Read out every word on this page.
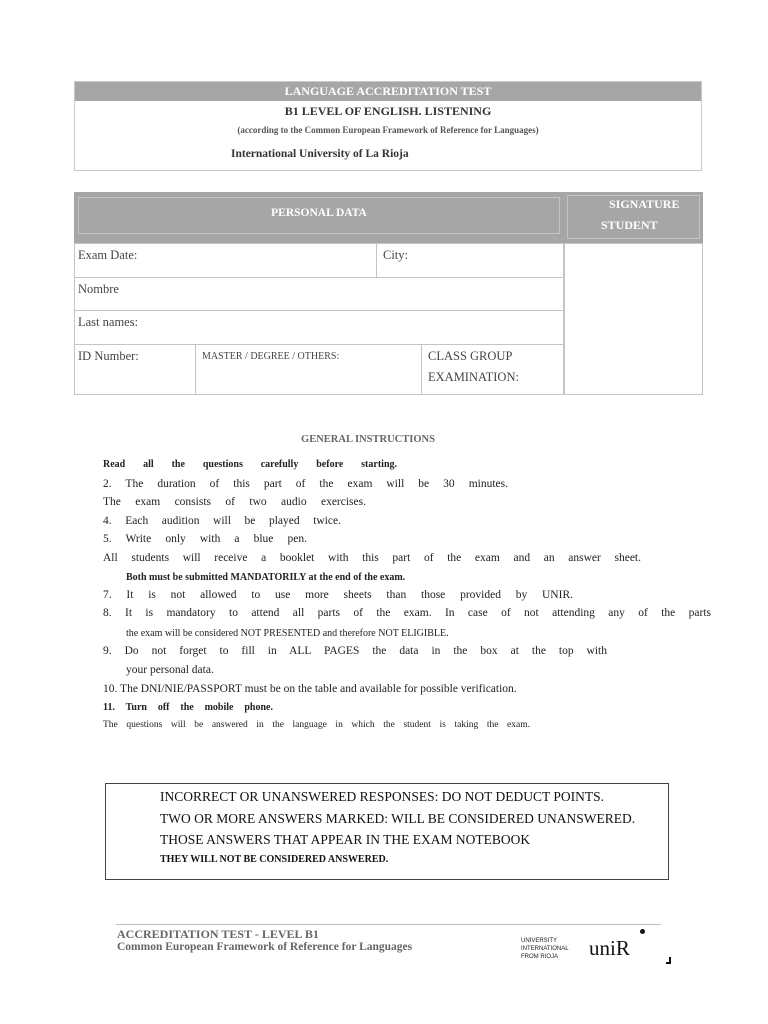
LANGUAGE ACCREDITATION TEST
B1 LEVEL OF ENGLISH. LISTENING
(according to the Common European Framework of Reference for Languages)
International University of La Rioja
PERSONAL DATA
SIGNATURE
STUDENT
Exam Date:	City:
Nombre
Last names:
ID Number:	MASTER / DEGREE / OTHERS:	CLASS GROUP
EXAMINATION:
GENERAL INSTRUCTIONS
Read all the questions carefully before starting.
2. The duration of this part of the exam will be 30 minutes.
The exam consists of two audio exercises.
4. Each audition will be played twice.
5. Write only with a blue pen.
All students will receive a booklet with this part of the exam and an answer sheet.
Both must be submitted MANDATORILY at the end of the exam.
7. It is not allowed to use more sheets than those provided by UNIR.
8. It is mandatory to attend all parts of the exam. In case of not attending any of the parts
the exam will be considered NOT PRESENTED and therefore NOT ELIGIBLE.
9. Do not forget to fill in ALL PAGES the data in the box at the top with
your personal data.
10. The DNI/NIE/PASSPORT must be on the table and available for possible verification.
11. Turn off the mobile phone.
The questions will be answered in the language in which the student is taking the exam.
INCORRECT OR UNANSWERED RESPONSES: DO NOT DEDUCT POINTS.
TWO OR MORE ANSWERS MARKED: WILL BE CONSIDERED UNANSWERED.
THOSE ANSWERS THAT APPEAR IN THE EXAM NOTEBOOK
THEY WILL NOT BE CONSIDERED ANSWERED.
ACCREDITATION TEST - LEVEL B1
Common European Framework of Reference for Languages	UNIVERSITY
INTERNATIONAL
FROM RIOJA	uniR
